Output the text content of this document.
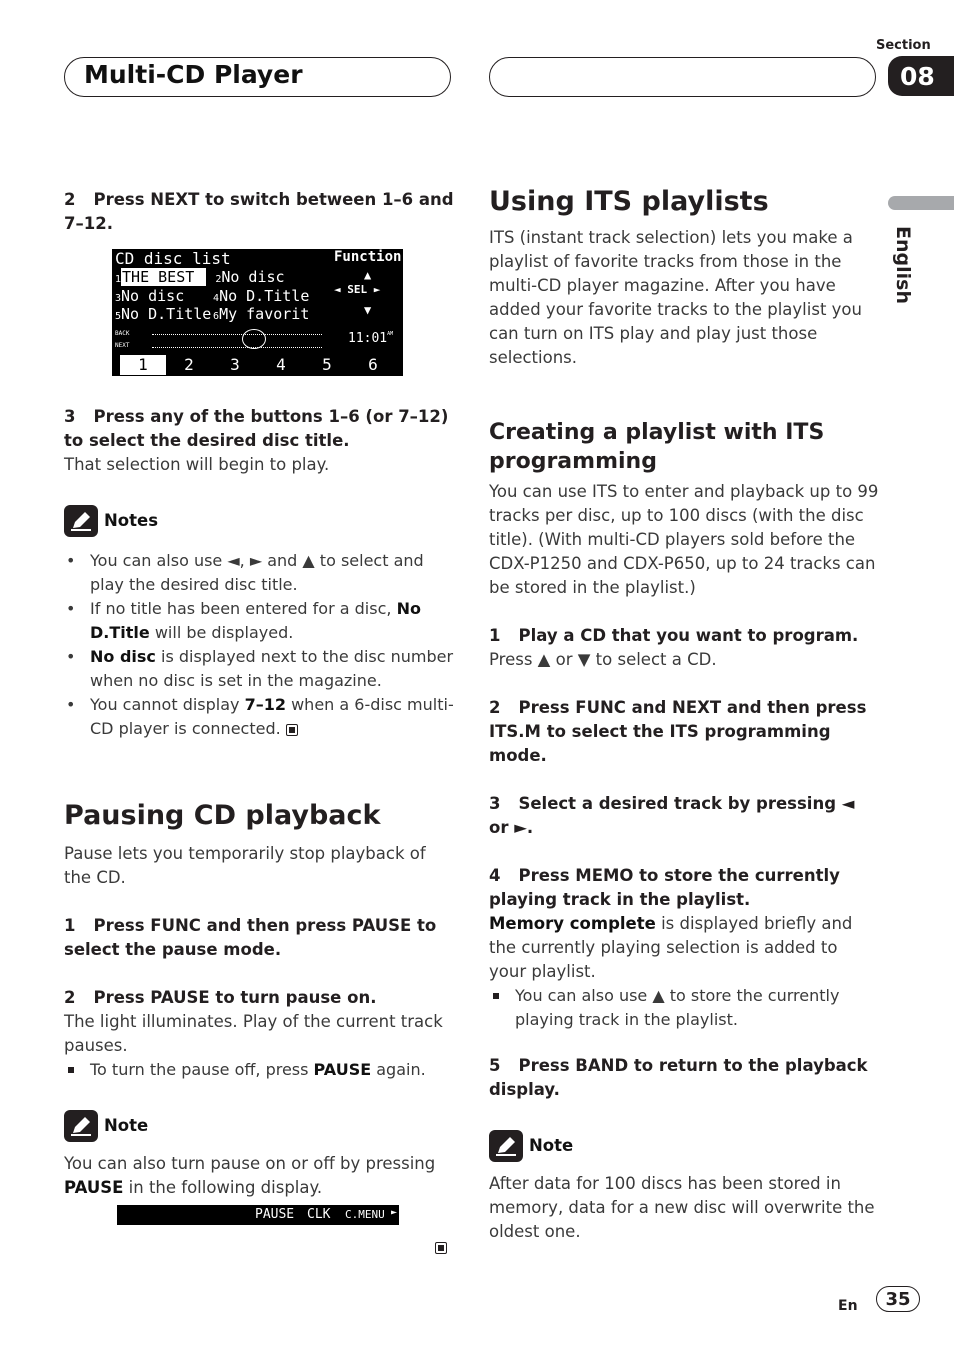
Multi-CD Player
Section
08
English

2 Press NEXT to switch between 1–6 and 7–12.

CD disc list	Function
▲
◄ SEL ►
▼
1THE BEST 2No disc
3No disc	4No D.Title
5No D.Title 6My favorit
BACK
NEXT	$11:01^{AM}$
1	2	3	4	5	6

3 Press any of the buttons 1–6 (or 7–12) to select the desired disc title.

That selection will begin to play.

Notes
• You can also use ◄, ► and ▲ to select and play the desired disc title.
• If no title has been entered for a disc, No D.Title will be displayed.
• No disc is displayed next to the disc number when no disc is set in the magazine.
• You cannot display 7–12 when a 6-disc multi-CD player is connected.

Pausing CD playback

Pause lets you temporarily stop playback of the CD.

1 Press FUNC and then press PAUSE to select the pause mode.

2 Press PAUSE to turn pause on.

The light illuminates. Play of the current track pauses.

To turn the pause off, press PAUSE again.
Note

You can also turn pause on or off by pressing PAUSE in the following display.

PAUSE CLK C.MENU ►

Using ITS playlists

ITS (instant track selection) lets you make a playlist of favorite tracks from those in the multi-CD player magazine. After you have added your favorite tracks to the playlist you can turn on ITS play and play just those selections.

Creating a playlist with ITS programming

You can use ITS to enter and playback up to 99 tracks per disc, up to 100 discs (with the disc title). (With multi-CD players sold before the CDX-P1250 and CDX-P650, up to 24 tracks can be stored in the playlist.)

1 Play a CD that you want to program.

Press ▲ or ▼ to select a CD.

2 Press FUNC and NEXT and then press ITS.M to select the ITS programming mode.

3 Select a desired track by pressing ◄ or ►.

4 Press MEMO to store the currently playing track in the playlist.

Memory complete is displayed briefly and the currently playing selection is added to your playlist.

You can also use ▲ to store the currently playing track in the playlist.

5 Press BAND to return to the playback display.

Note

After data for 100 discs has been stored in memory, data for a new disc will overwrite the oldest one.

En	35
